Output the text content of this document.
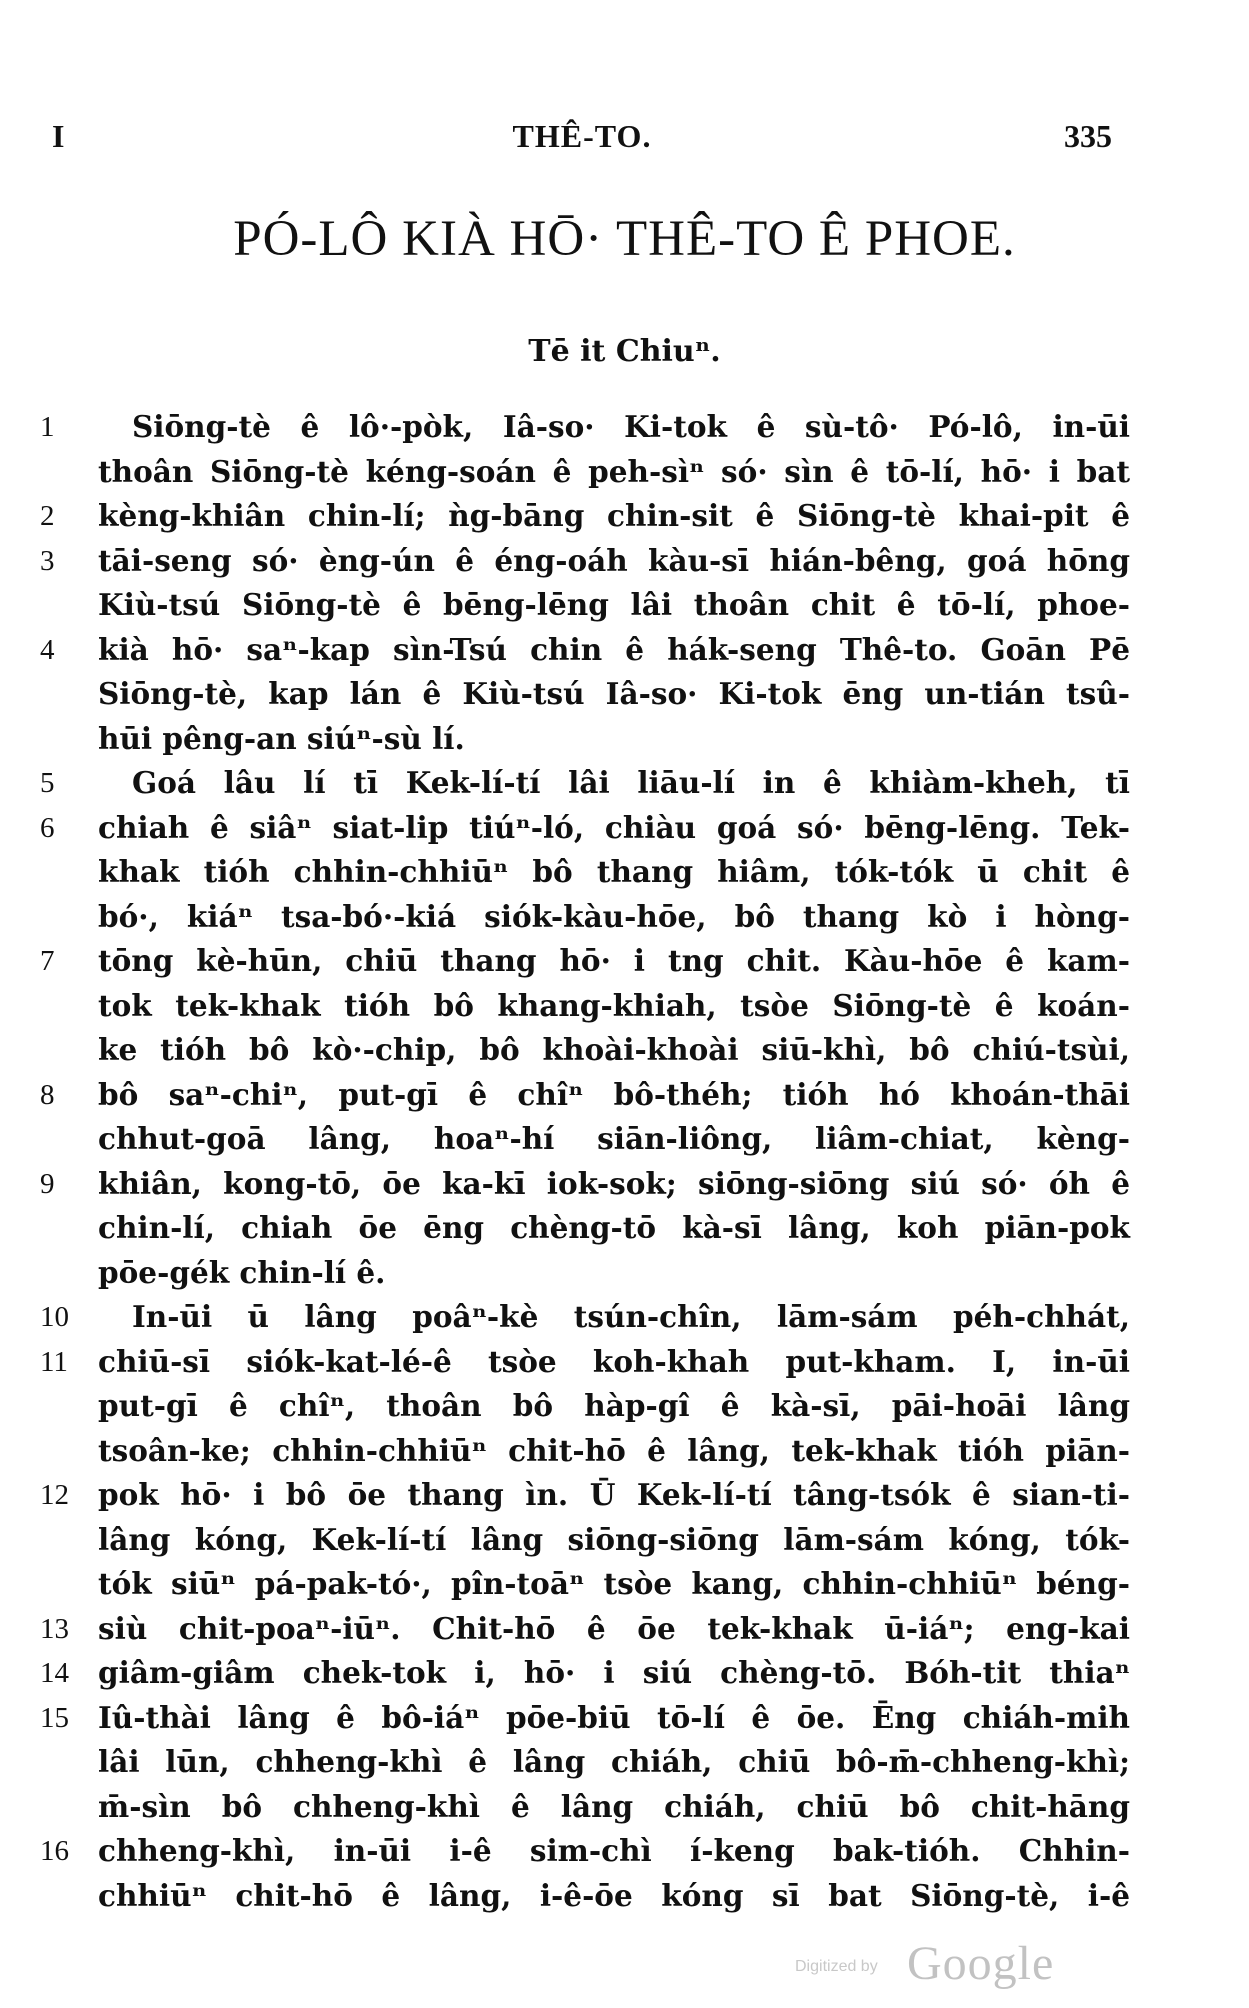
I	THÊ-TO.	335
PÓ-LÔ KIÀ HŌ· THÊ-TO Ê PHOE.
Tē it Chiuⁿ.
1	Siōng-tè ê lô·-pòk, Iâ-so· Ki-tok ê sù-tô· Pó-lô, in-ūi
thoân Siōng-tè kéng-soán ê peh-sìⁿ só· sìn ê tō-lí, hō· i bat
2	kèng-khiân chin-lí; ǹg-bāng chin-sit ê Siōng-tè khai-pit ê
3	tāi-seng só· èng-ún ê éng-oáh kàu-sī hián-bêng, goá hōng
Kiù-tsú Siōng-tè ê bēng-lēng lâi thoân chit ê tō-lí, phoe-
4	kià hō· saⁿ-kap sìn-Tsú chin ê hák-seng Thê-to. Goān Pē
Siōng-tè, kap lán ê Kiù-tsú Iâ-so· Ki-tok ēng un-tián tsû-
hūi pêng-an siúⁿ-sù lí.
5	Goá lâu lí tī Kek-lí-tí lâi liāu-lí in ê khiàm-kheh, tī
6	chiah ê siâⁿ siat-lip tiúⁿ-ló, chiàu goá só· bēng-lēng. Tek-
khak tióh chhin-chhiūⁿ bô thang hiâm, tók-tók ū chit ê
bó·, kiáⁿ tsa-bó·-kiá siók-kàu-hōe, bô thang kò i hòng-
7	tōng kè-hūn, chiū thang hō· i tng chit. Kàu-hōe ê kam-
tok tek-khak tióh bô khang-khiah, tsòe Siōng-tè ê koán-
ke tióh bô kò·-chip, bô khoài-khoài siū-khì, bô chiú-tsùi,
8	bô saⁿ-chiⁿ, put-gī ê chîⁿ bô-théh; tióh hó khoán-thāi
chhut-goā lâng, hoaⁿ-hí siān-liông, liâm-chiat, kèng-
9	khiân, kong-tō, ōe ka-kī iok-sok; siōng-siōng siú só· óh ê
chin-lí, chiah ōe ēng chèng-tō kà-sī lâng, koh piān-pok
pōe-gék chin-lí ê.
10	In-ūi ū lâng poâⁿ-kè tsún-chîn, lām-sám péh-chhát,
11	chiū-sī siók-kat-lé-ê tsòe koh-khah put-kham. I, in-ūi
put-gī ê chîⁿ, thoân bô hàp-gî ê kà-sī, pāi-hoāi lâng
tsoân-ke; chhin-chhiūⁿ chit-hō ê lâng, tek-khak tióh piān-
12 pok hō· i bô ōe thang ìn. Ū Kek-lí-tí tâng-tsók ê sian-ti-
lâng kóng, Kek-lí-tí lâng siōng-siōng lām-sám kóng, tók-
tók siūⁿ pá-pak-tó·, pîn-toāⁿ tsòe kang, chhin-chhiūⁿ béng-
13 siù chit-poaⁿ-iūⁿ. Chit-hō ê ōe tek-khak ū-iáⁿ; eng-kai
14 giâm-giâm chek-tok i, hō· i siú chèng-tō. Bóh-tit thiaⁿ
15 Iû-thài lâng ê bô-iáⁿ pōe-biū tō-lí ê ōe. Ēng chiáh-mih
lâi lūn, chheng-khì ê lâng chiáh, chiū bô-m̄-chheng-khì;
m̄-sìn bô chheng-khì ê lâng chiáh, chiū bô chit-hāng
16 chheng-khì, in-ūi i-ê sim-chì í-keng bak-tióh. Chhin-
chhiūⁿ chit-hō ê lâng, i-ê-ōe kóng sī bat Siōng-tè, i-ê
Digitized by Google
